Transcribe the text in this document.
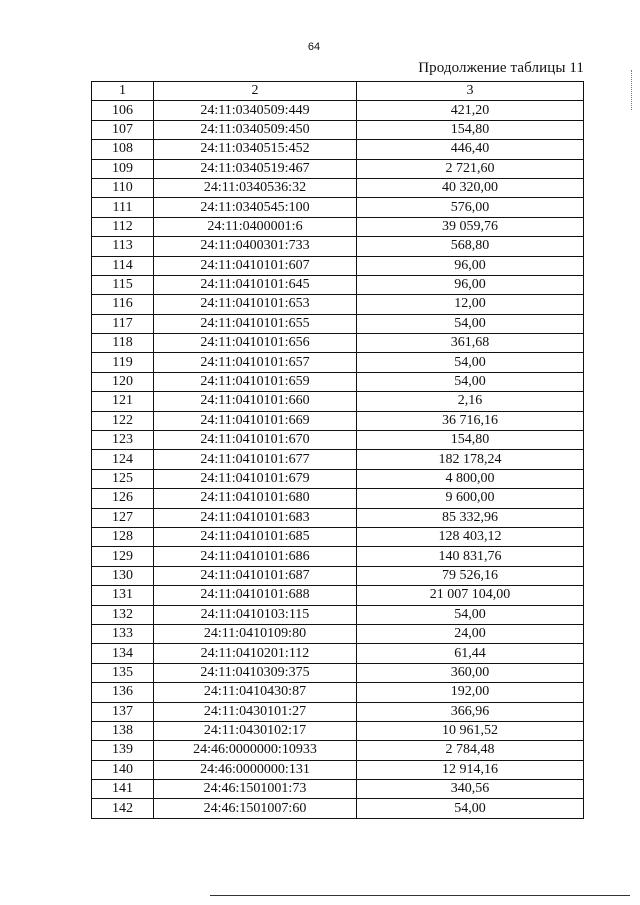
64
Продолжение таблицы 11
1	2	3
106	24:11:0340509:449	421,20
107	24:11:0340509:450	154,80
108	24:11:0340515:452	446,40
109	24:11:0340519:467	2 721,60
110	24:11:0340536:32	40 320,00
111	24:11:0340545:100	576,00
112	24:11:0400001:6	39 059,76
113	24:11:0400301:733	568,80
114	24:11:0410101:607	96,00
115	24:11:0410101:645	96,00
116	24:11:0410101:653	12,00
117	24:11:0410101:655	54,00
118	24:11:0410101:656	361,68
119	24:11:0410101:657	54,00
120	24:11:0410101:659	54,00
121	24:11:0410101:660	2,16
122	24:11:0410101:669	36 716,16
123	24:11:0410101:670	154,80
124	24:11:0410101:677	182 178,24
125	24:11:0410101:679	4 800,00
126	24:11:0410101:680	9 600,00
127	24:11:0410101:683	85 332,96
128	24:11:0410101:685	128 403,12
129	24:11:0410101:686	140 831,76
130	24:11:0410101:687	79 526,16
131	24:11:0410101:688	21 007 104,00
132	24:11:0410103:115	54,00
133	24:11:0410109:80	24,00
134	24:11:0410201:112	61,44
135	24:11:0410309:375	360,00
136	24:11:0410430:87	192,00
137	24:11:0430101:27	366,96
138	24:11:0430102:17	10 961,52
139	24:46:0000000:10933	2 784,48
140	24:46:0000000:131	12 914,16
141	24:46:1501001:73	340,56
142	24:46:1501007:60	54,00
